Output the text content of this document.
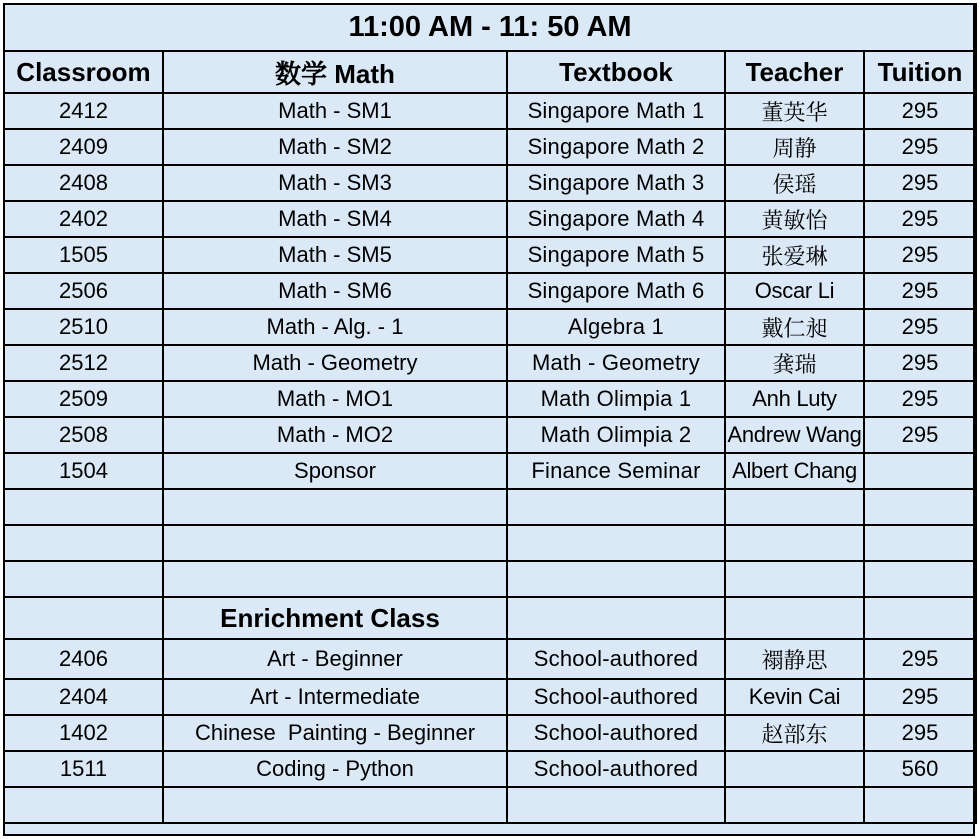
11:00 AM - 11: 50 AM				
Classroom	数学 Math	Textbook	Teacher	Tuition
2412	Math - SM1	Singapore Math 1	董英华	295
2409	Math - SM2	Singapore Math 2	周静	295
2408	Math - SM3	Singapore Math 3	侯瑶	295
2402	Math - SM4	Singapore Math 4	黄敏怡	295
1505	Math - SM5	Singapore Math 5	张爱琳	295
2506	Math - SM6	Singapore Math 6	Oscar Li	295
2510	Math - Alg. - 1	Algebra 1	戴仁昶	295
2512	Math - Geometry	Math - Geometry	龚瑞	295
2509	Math - MO1	Math Olimpia 1	Anh Luty	295
2508	Math - MO2	Math Olimpia 2	Andrew Wang	295
1504	Sponsor	Finance Seminar	Albert Chang	

	Enrichment Class			
2406	Art - Beginner	School-authored	禤静思	295
2404	Art - Intermediate	School-authored	Kevin Cai	295
1402	Chinese  Painting - Beginner	School-authored	赵部东	295
1511	Coding - Python	School-authored		560
